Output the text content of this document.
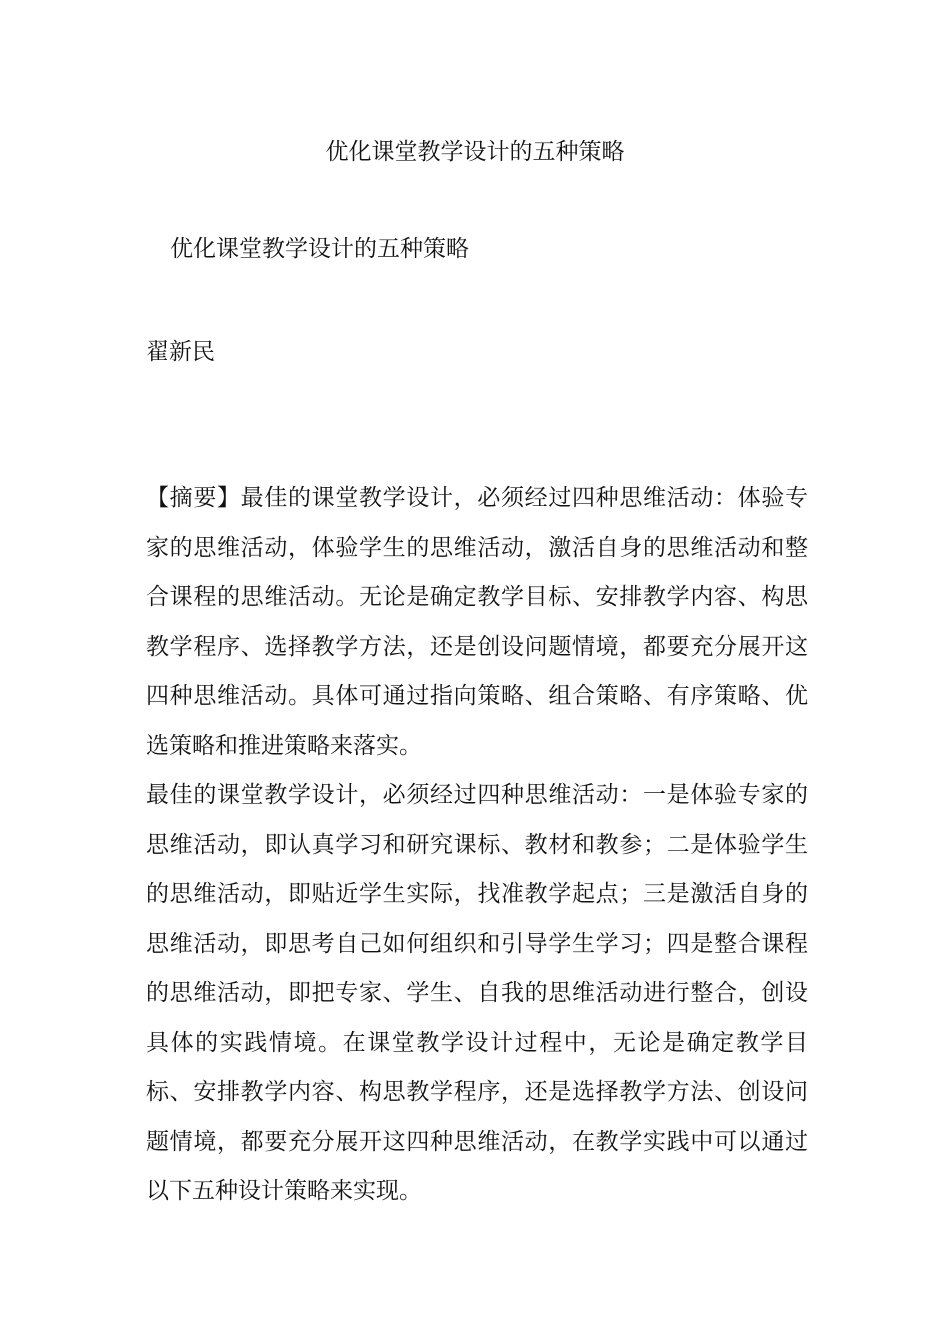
优化课堂教学设计的五种策略

优化课堂教学设计的五种策略

翟新民

【摘要】最佳的课堂教学设计，必须经过四种思维活动：体验专家的思维活动，体验学生的思维活动，激活自身的思维活动和整合课程的思维活动。无论是确定教学目标、安排教学内容、构思教学程序、选择教学方法，还是创设问题情境，都要充分展开这四种思维活动。具体可通过指向策略、组合策略、有序策略、优选策略和推进策略来落实。

最佳的课堂教学设计，必须经过四种思维活动：一是体验专家的思维活动，即认真学习和研究课标、教材和教参；二是体验学生的思维活动，即贴近学生实际，找准教学起点；三是激活自身的思维活动，即思考自己如何组织和引导学生学习；四是整合课程的思维活动，即把专家、学生、自我的思维活动进行整合，创设具体的实践情境。在课堂教学设计过程中，无论是确定教学目标、安排教学内容、构思教学程序，还是选择教学方法、创设问题情境，都要充分展开这四种思维活动，在教学实践中可以通过以下五种设计策略来实现。
